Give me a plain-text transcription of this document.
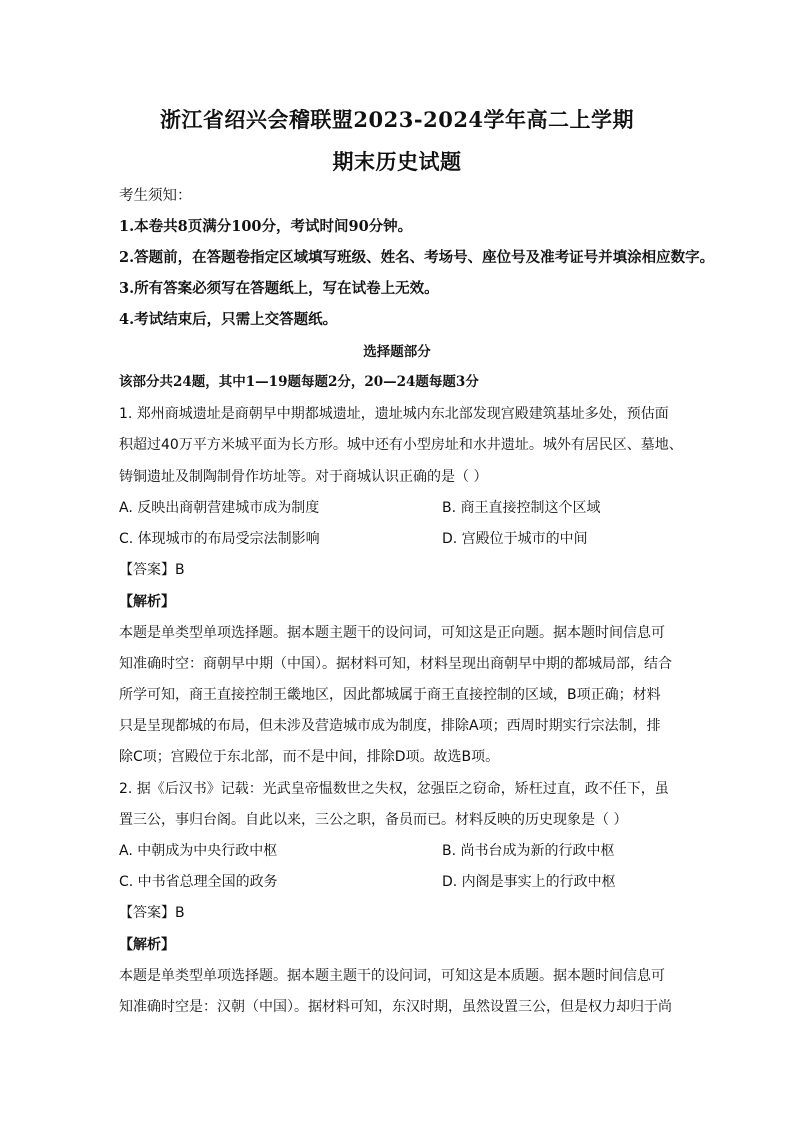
浙江省绍兴会稽联盟2023-2024学年高二上学期
期末历史试题
考生须知：
1.本卷共8页满分100分，考试时间90分钟。
2.答题前，在答题卷指定区域填写班级、姓名、考场号、座位号及准考证号并填涂相应数字。
3.所有答案必须写在答题纸上，写在试卷上无效。
4.考试结束后，只需上交答题纸。
选择题部分
该部分共24题，其中1—19题每题2分，20—24题每题3分
1. 郑州商城遗址是商朝早中期都城遗址，遗址城内东北部发现宫殿建筑基址多处，预估面
积超过40万平方米城平面为长方形。城中还有小型房址和水井遗址。城外有居民区、墓地、
铸铜遗址及制陶制骨作坊址等。对于商城认识正确的是（ ）
A. 反映出商朝营建城市成为制度	B. 商王直接控制这个区域
C. 体现城市的布局受宗法制影响	D. 宫殿位于城市的中间
【答案】B
【解析】
本题是单类型单项选择题。据本题主题干的设问词，可知这是正向题。据本题时间信息可
知准确时空：商朝早中期（中国）。据材料可知，材料呈现出商朝早中期的都城局部，结合
所学可知，商王直接控制王畿地区，因此都城属于商王直接控制的区域，B项正确；材料
只是呈现都城的布局，但未涉及营造城市成为制度，排除A项；西周时期实行宗法制，排
除C项；宫殿位于东北部，而不是中间，排除D项。故选B项。
2. 据《后汉书》记载：光武皇帝愠数世之失权，忿强臣之窃命，矫枉过直，政不任下，虽
置三公，事归台阁。自此以来，三公之职，备员而已。材料反映的历史现象是（ ）
A. 中朝成为中央行政中枢	B. 尚书台成为新的行政中枢
C. 中书省总理全国的政务	D. 内阁是事实上的行政中枢
【答案】B
【解析】
本题是单类型单项选择题。据本题主题干的设问词，可知这是本质题。据本题时间信息可
知准确时空是：汉朝（中国）。据材料可知，东汉时期，虽然设置三公，但是权力却归于尚
